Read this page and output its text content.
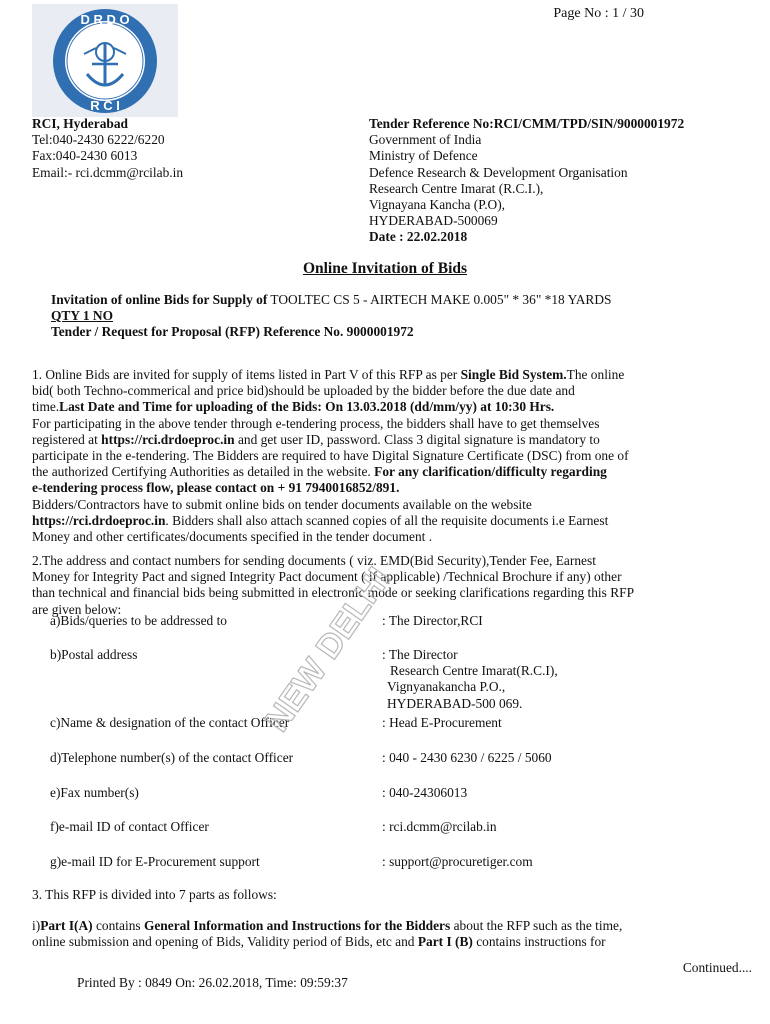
Page No : 1 / 30
D R D O
R C I
RCI, Hyderabad
Tel:040-2430 6222/6220
Fax:040-2430 6013
Email:- rci.dcmm@rcilab.in
Tender Reference No:RCI/CMM/TPD/SIN/9000001972
Government of India
Ministry of Defence
Defence Research & Development Organisation
Research Centre Imarat (R.C.I.),
Vignayana Kancha (P.O),
HYDERABAD-500069
Date : 22.02.2018
Online Invitation of Bids
Invitation of online Bids for Supply of TOOLTEC CS 5 - AIRTECH MAKE 0.005" * 36" *18 YARDS
QTY 1 NO
Tender / Request for Proposal (RFP) Reference No. 9000001972
1. Online Bids are invited for supply of items listed in Part V of this RFP as per Single Bid System.The online
bid( both Techno-commerical and price bid)should be uploaded by the bidder before the due date and
time.Last Date and Time for uploading of the Bids: On 13.03.2018 (dd/mm/yy) at 10:30 Hrs.
For participating in the above tender through e-tendering process, the bidders shall have to get themselves
registered at https://rci.drdoeproc.in and get user ID, password. Class 3 digital signature is mandatory to
participate in the e-tendering. The Bidders are required to have Digital Signature Certificate (DSC) from one of
the authorized Certifying Authorities as detailed in the website. For any clarification/difficulty regarding
e-tendering process flow, please contact on + 91 7940016852/891.
Bidders/Contractors have to submit online bids on tender documents available on the website
https://rci.drdoeproc.in. Bidders shall also attach scanned copies of all the requisite documents i.e Earnest
Money and other certificates/documents specified in the tender document .
2.The address and contact numbers for sending documents ( viz. EMD(Bid Security),Tender Fee, Earnest
Money for Integrity Pact and signed Integrity Pact document ( if applicable) /Technical Brochure if any) other
than technical and financial bids being submitted in electronic mode or seeking clarifications regarding this RFP
are given below:
a)Bids/queries to be addressed to	: The Director,RCI
b)Postal address	: The Director
Research Centre Imarat(R.C.I),
Vignyanakancha P.O.,
HYDERABAD-500 069.
c)Name & designation of the contact Officer	: Head E-Procurement
d)Telephone number(s) of the contact Officer	: 040 - 2430 6230 / 6225 / 5060
e)Fax number(s)	: 040-24306013
f)e-mail ID of contact Officer	: rci.dcmm@rcilab.in
g)e-mail ID for E-Procurement support	: support@procuretiger.com
3. This RFP is divided into 7 parts as follows:
i)Part I(A) contains General Information and Instructions for the Bidders about the RFP such as the time,
online submission and opening of Bids, Validity period of Bids, etc and Part I (B) contains instructions for
NEW DELHI
Continued....
Printed By : 0849 On: 26.02.2018, Time: 09:59:37
